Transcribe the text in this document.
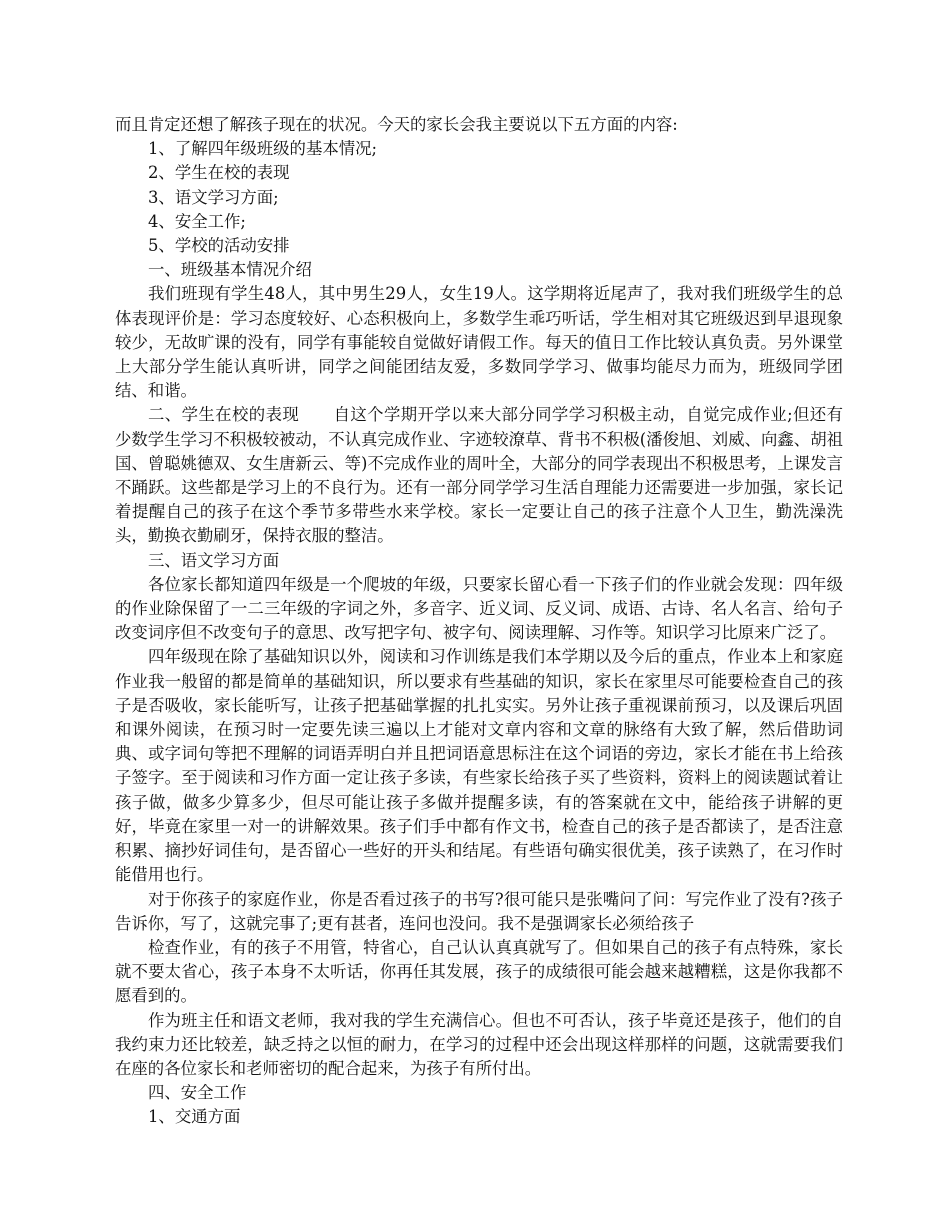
而且肯定还想了解孩子现在的状况。今天的家长会我主要说以下五方面的内容:

1、了解四年级班级的基本情况;

2、学生在校的表现

3、语文学习方面;

4、安全工作;

5、学校的活动安排

一、班级基本情况介绍

我们班现有学生48人，其中男生29人，女生19人。这学期将近尾声了，我对我们班级学生的总体表现评价是：学习态度较好、心态积极向上，多数学生乖巧听话，学生相对其它班级迟到早退现象较少，无故旷课的没有，同学有事能较自觉做好请假工作。每天的值日工作比较认真负责。另外课堂上大部分学生能认真听讲，同学之间能团结友爱，多数同学学习、做事均能尽力而为，班级同学团结、和谐。

二、学生在校的表现 自这个学期开学以来大部分同学学习积极主动，自觉完成作业;但还有少数学生学习不积极较被动，不认真完成作业、字迹较潦草、背书不积极(潘俊旭、刘威、向鑫、胡祖国、曾聪姚德双、女生唐新云、等)不完成作业的周叶全，大部分的同学表现出不积极思考，上课发言不踊跃。这些都是学习上的不良行为。还有一部分同学学习生活自理能力还需要进一步加强，家长记着提醒自己的孩子在这个季节多带些水来学校。家长一定要让自己的孩子注意个人卫生，勤洗澡洗头，勤换衣勤刷牙，保持衣服的整洁。

三、语文学习方面

各位家长都知道四年级是一个爬坡的年级，只要家长留心看一下孩子们的作业就会发现：四年级的作业除保留了一二三年级的字词之外，多音字、近义词、反义词、成语、古诗、名人名言、给句子改变词序但不改变句子的意思、改写把字句、被字句、阅读理解、习作等。知识学习比原来广泛了。

四年级现在除了基础知识以外，阅读和习作训练是我们本学期以及今后的重点，作业本上和家庭作业我一般留的都是简单的基础知识，所以要求有些基础的知识，家长在家里尽可能要检查自己的孩子是否吸收，家长能听写，让孩子把基础掌握的扎扎实实。另外让孩子重视课前预习，以及课后巩固和课外阅读，在预习时一定要先读三遍以上才能对文章内容和文章的脉络有大致了解，然后借助词典、或字词句等把不理解的词语弄明白并且把词语意思标注在这个词语的旁边，家长才能在书上给孩子签字。至于阅读和习作方面一定让孩子多读，有些家长给孩子买了些资料，资料上的阅读题试着让孩子做，做多少算多少，但尽可能让孩子多做并提醒多读，有的答案就在文中，能给孩子讲解的更好，毕竟在家里一对一的讲解效果。孩子们手中都有作文书，检查自己的孩子是否都读了，是否注意积累、摘抄好词佳句，是否留心一些好的开头和结尾。有些语句确实很优美，孩子读熟了，在习作时能借用也行。

对于你孩子的家庭作业，你是否看过孩子的书写?很可能只是张嘴问了问：写完作业了没有?孩子告诉你，写了，这就完事了;更有甚者，连问也没问。我不是强调家长必须给孩子

检查作业，有的孩子不用管，特省心，自己认认真真就写了。但如果自己的孩子有点特殊，家长就不要太省心，孩子本身不太听话，你再任其发展，孩子的成绩很可能会越来越糟糕，这是你我都不愿看到的。

作为班主任和语文老师，我对我的学生充满信心。但也不可否认，孩子毕竟还是孩子，他们的自我约束力还比较差，缺乏持之以恒的耐力，在学习的过程中还会出现这样那样的问题，这就需要我们在座的各位家长和老师密切的配合起来，为孩子有所付出。

四、安全工作

1、交通方面
